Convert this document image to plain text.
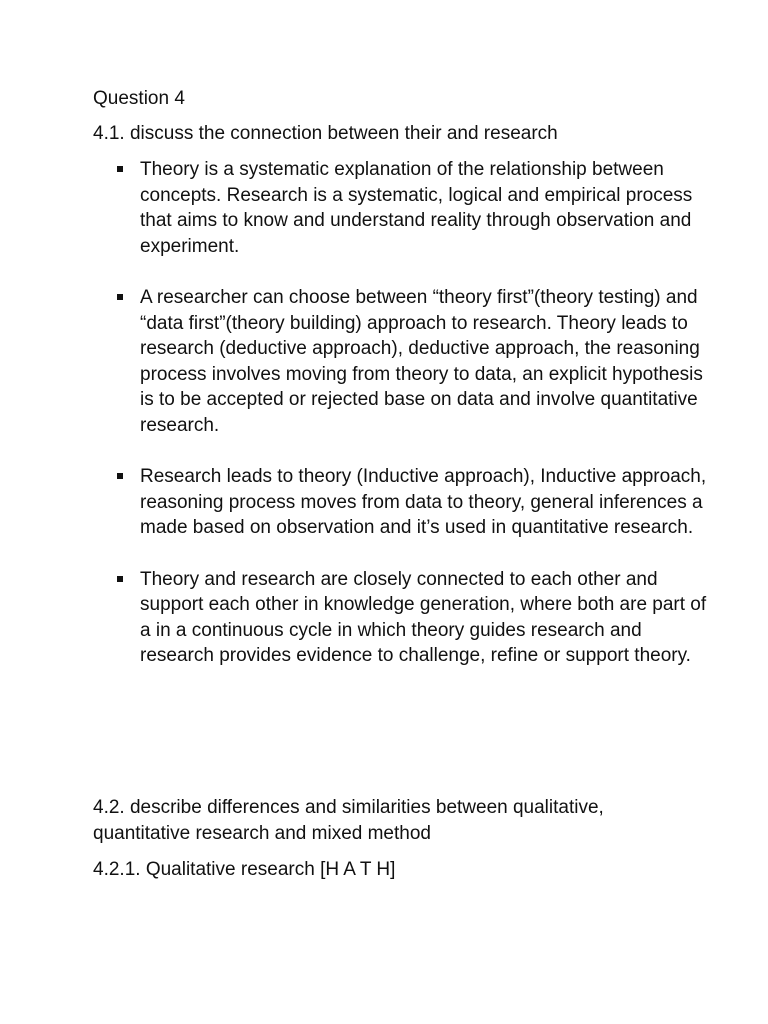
Question 4
4.1. discuss the connection between their and research
Theory is a systematic explanation of the relationship between concepts. Research is a systematic, logical and empirical process that aims to know and understand reality through observation and experiment.
A researcher can choose between “theory first”(theory testing) and “data first”(theory building) approach to research. Theory leads to research (deductive approach), deductive approach, the reasoning process involves moving from theory to data, an explicit hypothesis is to be accepted or rejected base on data and involve quantitative research.
Research leads to theory (Inductive approach), Inductive approach, reasoning process moves from data to theory, general inferences a made based on observation and it’s used in quantitative research.
Theory and research are closely connected to each other and support each other in knowledge generation, where both are part of a in a continuous cycle in which theory guides research and research provides evidence to challenge, refine or support theory.
4.2. describe differences and similarities between qualitative,
quantitative research and mixed method
4.2.1. Qualitative research [H A T H]
